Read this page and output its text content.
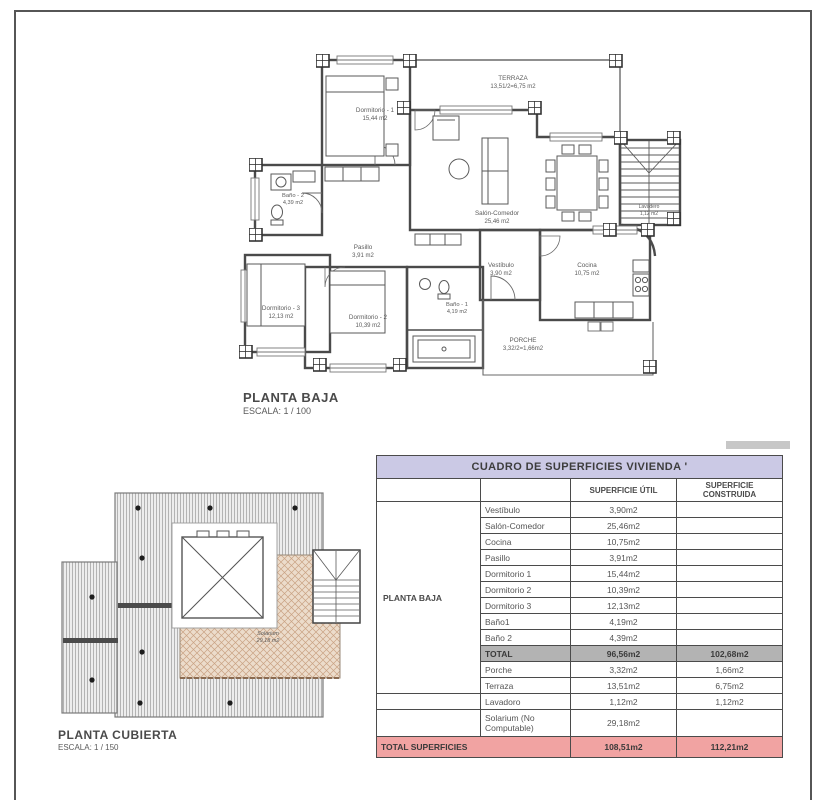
Dormitorio - 1
15,44 m2
TERRAZA
13,51/2=6,75 m2
Salón-Comedor
25,46 m2
Pasillo
3,91 m2
Vestíbulo
3,90 m2
Cocina
10,75 m2
Baño - 2
4,39 m2
Baño - 1
4,19 m2
Dormitorio - 3
12,13 m2	Dormitorio - 2
10,39 m2
PORCHE
3,32/2=1,66m2
Lavadero
1,12 m2
PLANTA BAJA
ESCALA: 1 / 100
Solarium
29,18 m2
PLANTA CUBIERTA
ESCALA: 1 / 150
CUADRO DE SUPERFICIES VIVIENDA '			
		SUPERFICIE ÚTIL	SUPERFICIE CONSTRUIDA
PLANTA BAJA	Vestíbulo	3,90m2	
	Salón-Comedor	25,46m2	
	Cocina	10,75m2	
	Pasillo	3,91m2	
	Dormitorio 1	15,44m2	
	Dormitorio 2	10,39m2	
	Dormitorio 3	12,13m2	
	Baño1	4,19m2	
	Baño 2	4,39m2	
	TOTAL	96,56m2	102,68m2
	Porche	3,32m2	1,66m2
	Terraza	13,51m2	6,75m2
	Lavadoro	1,12m2	1,12m2
	Solarium (No Computable)	29,18m2	
TOTAL SUPERFICIES		108,51m2	112,21m2
